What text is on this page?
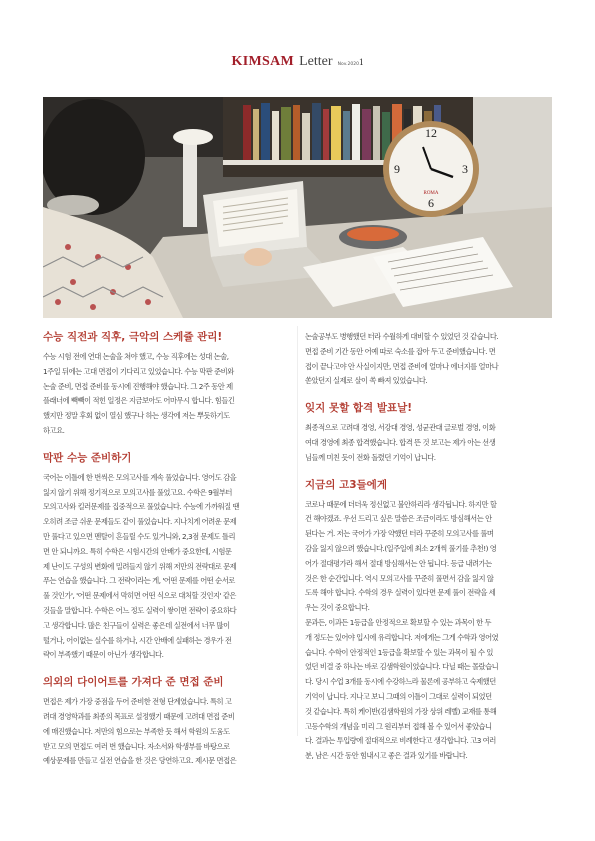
KIMSAM Letter Nov.20201
12
3
6
9
ROMA
수능 직전과 직후, 극악의 스케쥴 관리!

수능 시험 전에 연대 논술을 쳐야 했고, 수능 직후에는 성대 논술,
1주일 뒤에는 고대 면접이 기다리고 있었습니다. 수능 막판 준비와
논술 준비, 면접 준비를 동시에 진행해야 했습니다. 그 2주 동안 제
플래너에 빽빽이 적힌 일정은 지금보아도 어마무시 합니다. 힘들긴
했지만 정말 후회 없이 열심 했구나 하는 생각에 저는 뿌듯하기도
하고요.

막판 수능 준비하기

국어는 이틀에 한 번씩은 모의고사를 계속 풀었습니다. 영어도 감을
잃지 않기 위해 정기적으로 모의고사를 풀었고요. 수학은 9월부터
모의고사와 킬러문제를 집중적으로 풀었습니다. 수능에 가까워질 땐
오히려 조금 쉬운 문제들도 같이 풀었습니다. 지나치게 어려운 문제
만 풀다고 있으면 멘탈이 흔들릴 수도 있거니와, 2,3점 문제도 틀리
면 안 되니까요. 특히 수학은 시험시간의 안배가 중요한데, 시험문
제 난이도 구성의 변화에 밀려들지 않기 위해 저만의 전략대로 문제
푸는 연습을 했습니다. 그 전략이라는 게, '어떤 문제를 어떤 순서로
풀 것인가', '어떤 문제에서 막히면 어떤 식으로 대처할 것인지' 같은
것들을 말합니다. 수학은 어느 정도 실력이 쌓이면 전략이 중요하다
고 생각합니다. 많은 친구들이 실력은 좋은데 실전에서 너무 많이
떨거나, 어이없는 실수를 하거나, 시간 안배에 실패하는 경우가 전
략이 부족했기 때문이 아닌가 생각합니다.

의외의 다이어트를 가져다 준 면접 준비

면접은 제가 가장 중점을 두어 준비한 전형 단계였습니다. 특히 고
려대 경영학과를 최종의 목표로 설정했기 때문에 고려대 면접 준비
에 매진했습니다. 저만의 힘으로는 부족한 듯 해서 학원의 도움도
받고 모의 면접도 여러 번 했습니다. 자소서와 학생부를 바탕으로
예상문제를 만들고 실전 연습을 한 것은 당연하고요. 제시문 면접은

논술공부도 병행했던 터라 수월하게 대비할 수 있었던 것 같습니다.
면접 준비 기간 동안 어예 따로 숙소를 잡아 두고 준비했습니다. 면
접이 끝나고야 안 사실이지만, 면접 준비에 얼마나 에너지를 얼마나
쏟았던지 실제로 살이 쏙 빠져 있었습니다.

잊지 못할 합격 발표날!

최종적으로 고려대 경영, 서강대 경영, 성균관대 글로벌 경영, 이화
여대 경영에 최종 합격했습니다. 합격 뜬 것 보고는 제가 아는 선생
님들께 미친 듯이 전화 돌렸던 기억이 납니다.

지금의 고3들에게

코로나 때문에 더더욱 정신없고 불안하리라 생각됩니다. 하지만 할
건 해야겠죠. 우선 드리고 싶은 말씀은 조금이라도 방심해서는 안
된다는 거. 저는 국어가 가장 약했던 터라 꾸준히 모의고사를 풀며
감을 잃지 않으려 했습니다.(일주일에 최소 2개씩 풀기를 추천!) 영
어가 절대평가라 해서 절대 방심해서는 안 됩니다. 등급 내려가는
것은 한 순간입니다. 역시 모의고사를 꾸준히 풀면서 감을 잃지 않
도록 해야 합니다. 수학의 경우 실력이 있다면 문제 풀이 전략을 세
우는 것이 중요합니다.
문과든, 이과든 1등급을 안정적으로 확보할 수 있는 과목이 한 두
개 정도는 있어야 입시에 유리합니다. 저에게는 그게 수학과 영어였
습니다. 수학이 안정적인 1등급을 확보할 수 있는 과목이 될 수 있
었던 비결 중 하나는 바로 김샘학원이었습니다. 다닐 때는 몰랐습니
다. 당시 수업 3개를 동시에 수강하느라 물론에 공부하고 숙제했던
기억이 납니다. 지나고 보니 그때의 이틀이 그대로 실력이 되었던
것 같습니다. 특히 케이반(김샘학원의 가장 상위 레벨) 교재를 통해
고등수학의 개념을 미리 그 원리부터 접해 볼 수 있어서 좋았습니
다. 결과는 투입량에 절대적으로 비례한다고 생각합니다. 고3 여러
분, 남은 시간 동안 힘내시고 좋은 결과 있기를 바랍니다.
